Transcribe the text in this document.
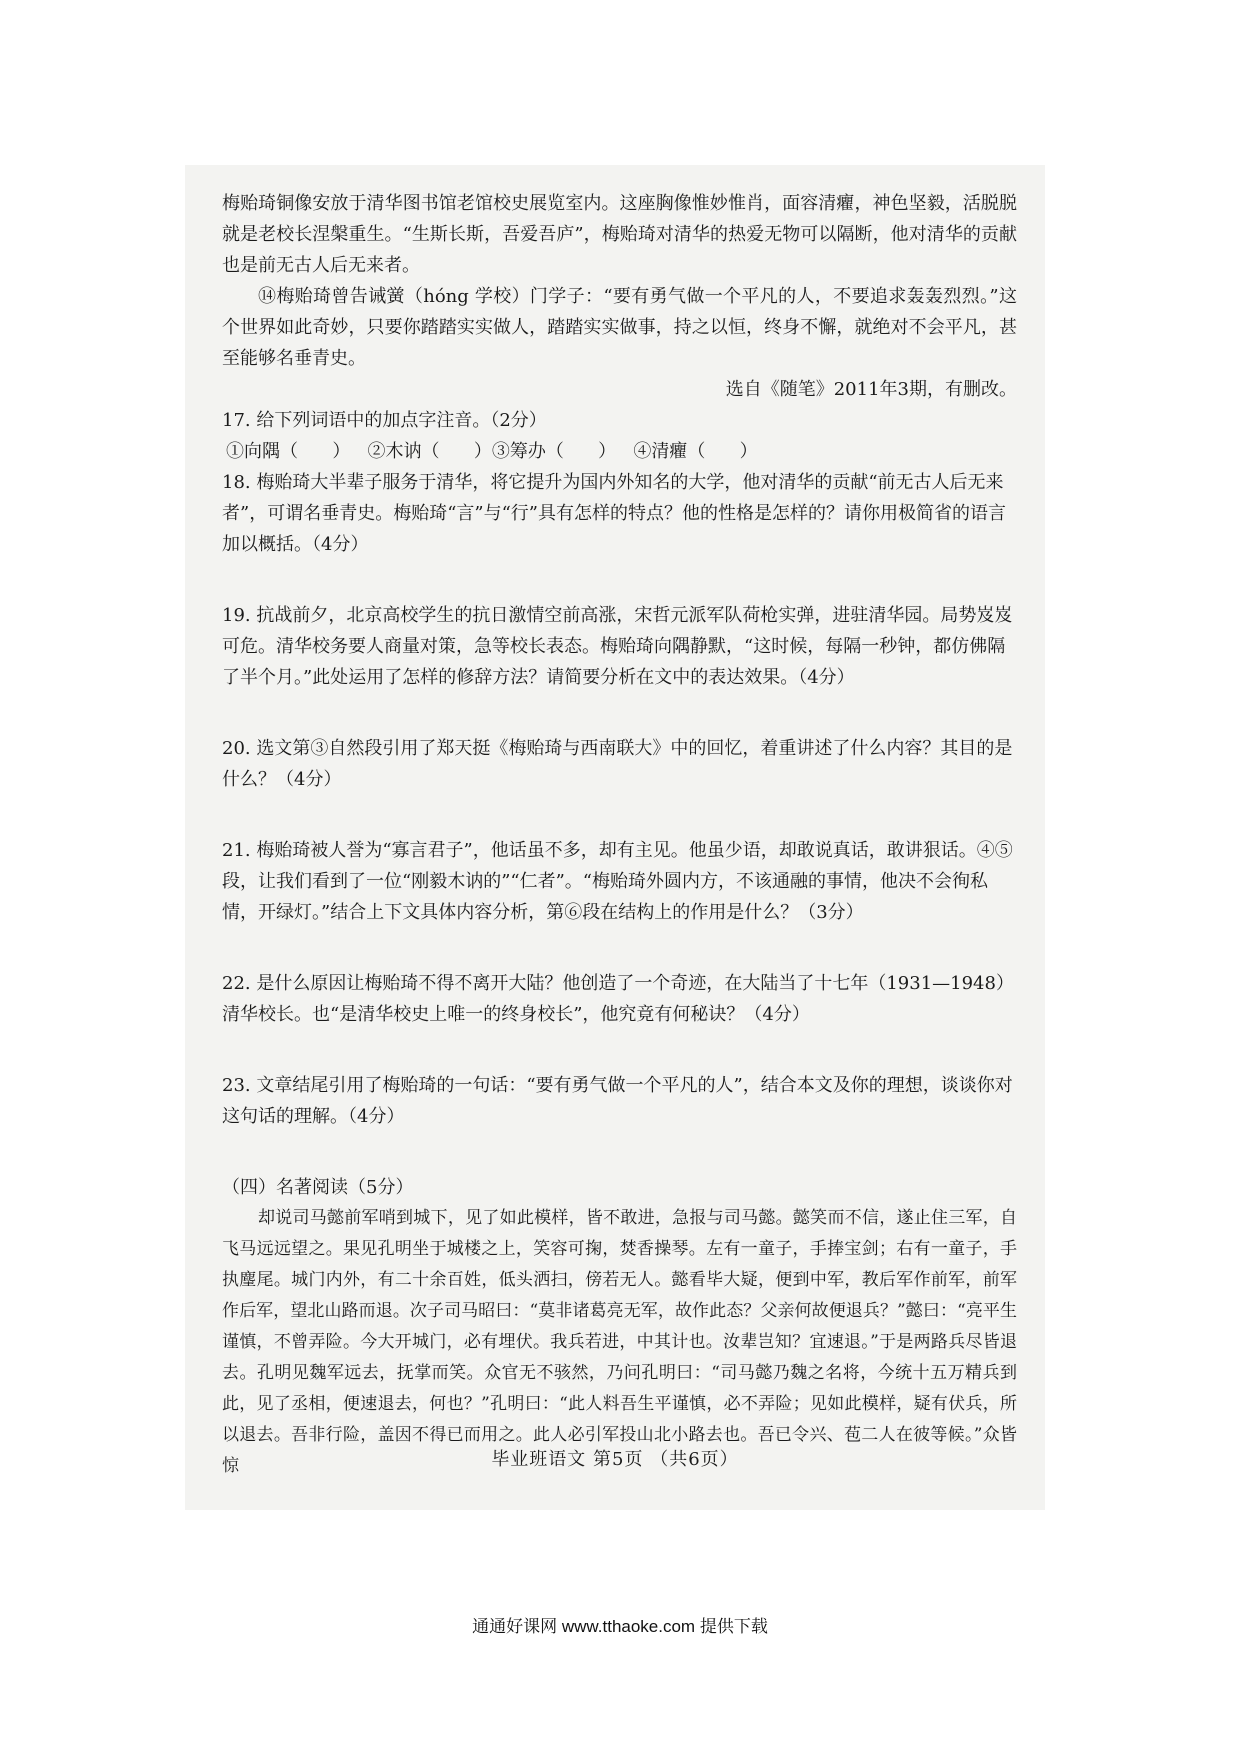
梅贻琦铜像安放于清华图书馆老馆校史展览室内。这座胸像惟妙惟肖，面容清癯，神色坚毅，活脱脱就是老校长涅槃重生。“生斯长斯，吾爱吾庐”，梅贻琦对清华的热爱无物可以隔断，他对清华的贡献也是前无古人后无来者。

⑭梅贻琦曾告诫黉（hóng 学校）门学子：“要有勇气做一个平凡的人，不要追求轰轰烈烈。”这个世界如此奇妙，只要你踏踏实实做人，踏踏实实做事，持之以恒，终身不懈，就绝对不会平凡，甚至能够名垂青史。

选自《随笔》2011年3期，有删改。

17. 给下列词语中的加点字注音。（2分）

①向隅（      ）   ②木讷（      ）③筹办（      ）   ④清癯（      ）

18. 梅贻琦大半辈子服务于清华，将它提升为国内外知名的大学，他对清华的贡献“前无古人后无来者”，可谓名垂青史。梅贻琦“言”与“行”具有怎样的特点？他的性格是怎样的？请你用极简省的语言加以概括。（4分）

19. 抗战前夕，北京高校学生的抗日激情空前高涨，宋哲元派军队荷枪实弹，进驻清华园。局势岌岌可危。清华校务要人商量对策，急等校长表态。梅贻琦向隅静默，“这时候，每隔一秒钟，都仿佛隔了半个月。”此处运用了怎样的修辞方法？请简要分析在文中的表达效果。（4分）

20. 选文第③自然段引用了郑天挺《梅贻琦与西南联大》中的回忆，着重讲述了什么内容？其目的是什么？（4分）

21. 梅贻琦被人誉为“寡言君子”，他话虽不多，却有主见。他虽少语，却敢说真话，敢讲狠话。④⑤段，让我们看到了一位“刚毅木讷的”“仁者”。“梅贻琦外圆内方，不该通融的事情，他决不会徇私情，开绿灯。”结合上下文具体内容分析，第⑥段在结构上的作用是什么？（3分）

22. 是什么原因让梅贻琦不得不离开大陆？他创造了一个奇迹，在大陆当了十七年（1931—1948）清华校长。也“是清华校史上唯一的终身校长”，他究竟有何秘诀？（4分）

23. 文章结尾引用了梅贻琦的一句话：“要有勇气做一个平凡的人”，结合本文及你的理想，谈谈你对这句话的理解。（4分）

（四）名著阅读（5分）

却说司马懿前军哨到城下，见了如此模样，皆不敢进，急报与司马懿。懿笑而不信，遂止住三军，自飞马远远望之。果见孔明坐于城楼之上，笑容可掬，焚香操琴。左有一童子，手捧宝剑；右有一童子，手执麈尾。城门内外，有二十余百姓，低头洒扫，傍若无人。懿看毕大疑，便到中军，教后军作前军，前军作后军，望北山路而退。次子司马昭曰：“莫非诸葛亮无军，故作此态？父亲何故便退兵？”懿曰：“亮平生谨慎，不曾弄险。今大开城门，必有埋伏。我兵若进，中其计也。汝辈岂知？宜速退。”于是两路兵尽皆退去。孔明见魏军远去，抚掌而笑。众官无不骇然，乃问孔明曰：“司马懿乃魏之名将，今统十五万精兵到此，见了丞相，便速退去，何也？”孔明曰：“此人料吾生平谨慎，必不弄险；见如此模样，疑有伏兵，所以退去。吾非行险，盖因不得已而用之。此人必引军投山北小路去也。吾已令兴、苞二人在彼等候。”众皆惊	毕业班语文 第5页 （共6页）
通通好课网 www.tthaoke.com 提供下载
